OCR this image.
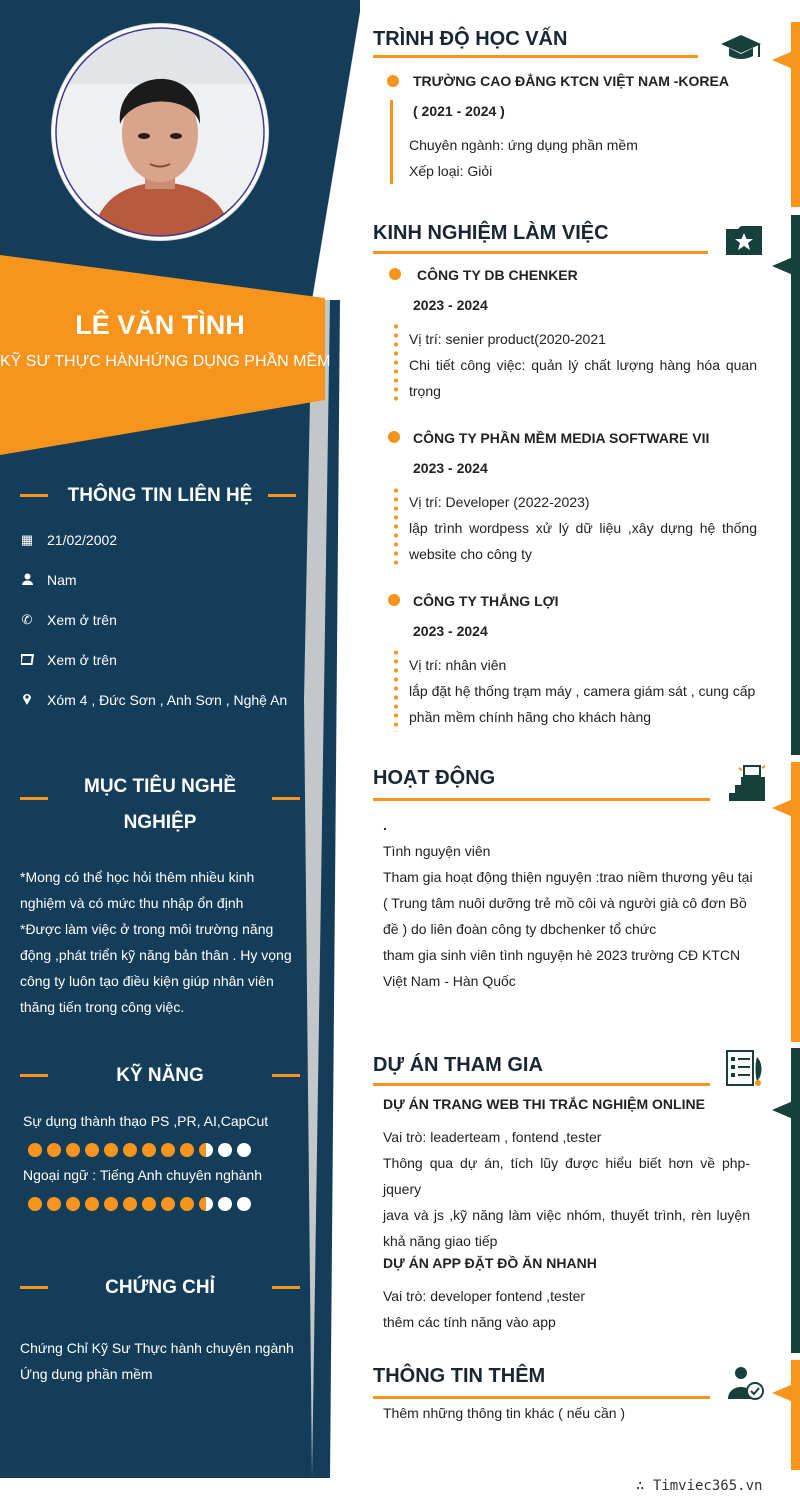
LÊ VĂN TÌNH
KỸ SƯ THỰC HÀNHỨNG DỤNG PHẦN MỀM
THÔNG TIN LIÊN HỆ
▦ 21/02/2002
Nam
✆ Xem ở trên
Xem ở trên
Xóm 4 , Đức Sơn , Anh Sơn , Nghệ An
MỤC TIÊU NGHỀ
NGHIỆP
*Mong có thể học hỏi thêm nhiều kinh
nghiệm và có mức thu nhập ổn định
*Được làm việc ở trong môi trường năng
động ,phát triển kỹ năng bản thân . Hy vọng
công ty luôn tạo điều kiện giúp nhân viên
thăng tiến trong công việc.
KỸ NĂNG
Sự dụng thành thạo PS ,PR, AI,CapCut
Ngoại ngữ : Tiếng Anh chuyên nghành
CHỨNG CHỈ
Chứng Chỉ Kỹ Sư Thực hành chuyên ngành
Ứng dụng phần mềm
TRÌNH ĐỘ HỌC VẤN
TRƯỜNG CAO ĐẲNG KTCN VIỆT NAM -KOREA
( 2021 - 2024 )
Chuyên ngành: ứng dụng phần mềm
Xếp loại: Giỏi
KINH NGHIỆM LÀM VIỆC
CÔNG TY DB CHENKER
2023 - 2024
Vị trí: senier product(2020-2021
Chi tiết công việc: quản lý chất lượng hàng hóa quan
trọng
CÔNG TY PHẦN MỀM MEDIA SOFTWARE VII
2023 - 2024
Vị trí: Developer (2022-2023)
lập trình wordpess xử lý dữ liệu ,xây dựng hệ thống
website cho công ty
CÔNG TY THẮNG LỢI
2023 - 2024
Vị trí: nhân viên
lắp đặt hệ thống trạm máy , camera giám sát , cung cấp
phần mềm chính hãng cho khách hàng
HOẠT ĐỘNG
.
Tình nguyện viên
Tham gia hoạt động thiện nguyện :trao niềm thương yêu tại
( Trung tâm nuôi dưỡng trẻ mồ côi và người già cô đơn Bồ
đề ) do liên đoàn công ty dbchenker tổ chức
tham gia sinh viên tình nguyện hè 2023 trường CĐ KTCN
Việt Nam - Hàn Quốc
DỰ ÁN THAM GIA
DỰ ÁN TRANG WEB THI TRẮC NGHIỆM ONLINE
Vai trò: leaderteam , fontend ,tester
Thông qua dự án, tích lũy được hiểu biết hơn về php-jquery
java và js ,kỹ năng làm việc nhóm, thuyết trình, rèn luyện
khả năng giao tiếp
DỰ ÁN APP ĐẶT ĐỒ ĂN NHANH
Vai trò: developer fontend ,tester
thêm các tính năng vào app
THÔNG TIN THÊM
Thêm những thông tin khác ( nếu cần )
∴ Timviec365.vn
